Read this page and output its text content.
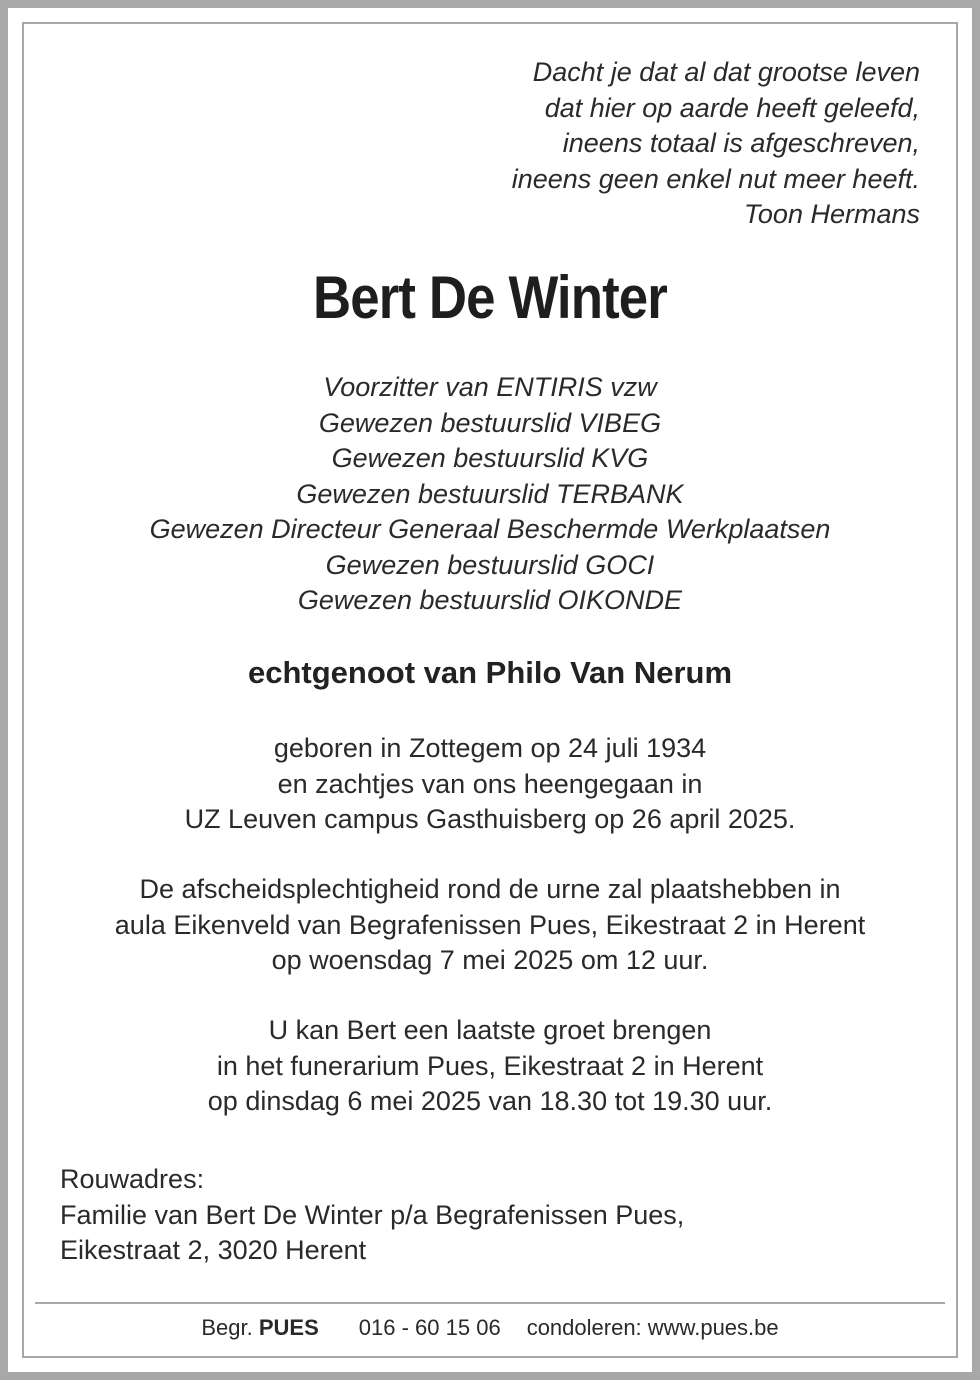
Dacht je dat al dat grootse leven
dat hier op aarde heeft geleefd,
ineens totaal is afgeschreven,
ineens geen enkel nut meer heeft.
Toon Hermans
Bert De Winter
Voorzitter van ENTIRIS vzw
Gewezen bestuurslid VIBEG
Gewezen bestuurslid KVG
Gewezen bestuurslid TERBANK
Gewezen Directeur Generaal Beschermde Werkplaatsen
Gewezen bestuurslid GOCI
Gewezen bestuurslid OIKONDE
echtgenoot van Philo Van Nerum
geboren in Zottegem op 24 juli 1934
en zachtjes van ons heengegaan in
UZ Leuven campus Gasthuisberg op 26 april 2025.
De afscheidsplechtigheid rond de urne zal plaatshebben in
aula Eikenveld van Begrafenissen Pues, Eikestraat 2 in Herent
op woensdag 7 mei 2025 om 12 uur.
U kan Bert een laatste groet brengen
in het funerarium Pues, Eikestraat 2 in Herent
op dinsdag 6 mei 2025 van 18.30 tot 19.30 uur.
Rouwadres:
Familie van Bert De Winter p/a Begrafenissen Pues,
Eikestraat 2, 3020 Herent
Begr. PUES 016 - 60 15 06 condoleren: www.pues.be
